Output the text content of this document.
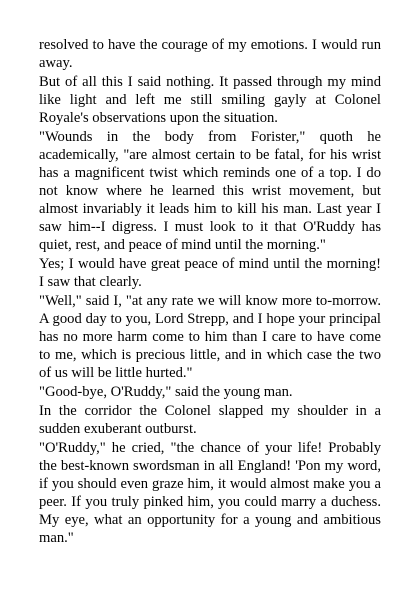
resolved to have the courage of my emotions. I would run away.

But of all this I said nothing. It passed through my mind like light and left me still smiling gayly at Colonel Royale's observations upon the situation.

"Wounds in the body from Forister," quoth he academically, "are almost certain to be fatal, for his wrist has a magnificent twist which reminds one of a top. I do not know where he learned this wrist movement, but almost invariably it leads him to kill his man. Last year I saw him--I digress. I must look to it that O'Ruddy has quiet, rest, and peace of mind until the morning."

Yes; I would have great peace of mind until the morning! I saw that clearly.

"Well," said I, "at any rate we will know more to-morrow. A good day to you, Lord Strepp, and I hope your principal has no more harm come to him than I care to have come to me, which is precious little, and in which case the two of us will be little hurted."

"Good-bye, O'Ruddy," said the young man.

In the corridor the Colonel slapped my shoulder in a sudden exuberant outburst.

"O'Ruddy," he cried, "the chance of your life! Probably the best-known swordsman in all England! 'Pon my word, if you should even graze him, it would almost make you a peer. If you truly pinked him, you could marry a duchess. My eye, what an opportunity for a young and ambitious man."
